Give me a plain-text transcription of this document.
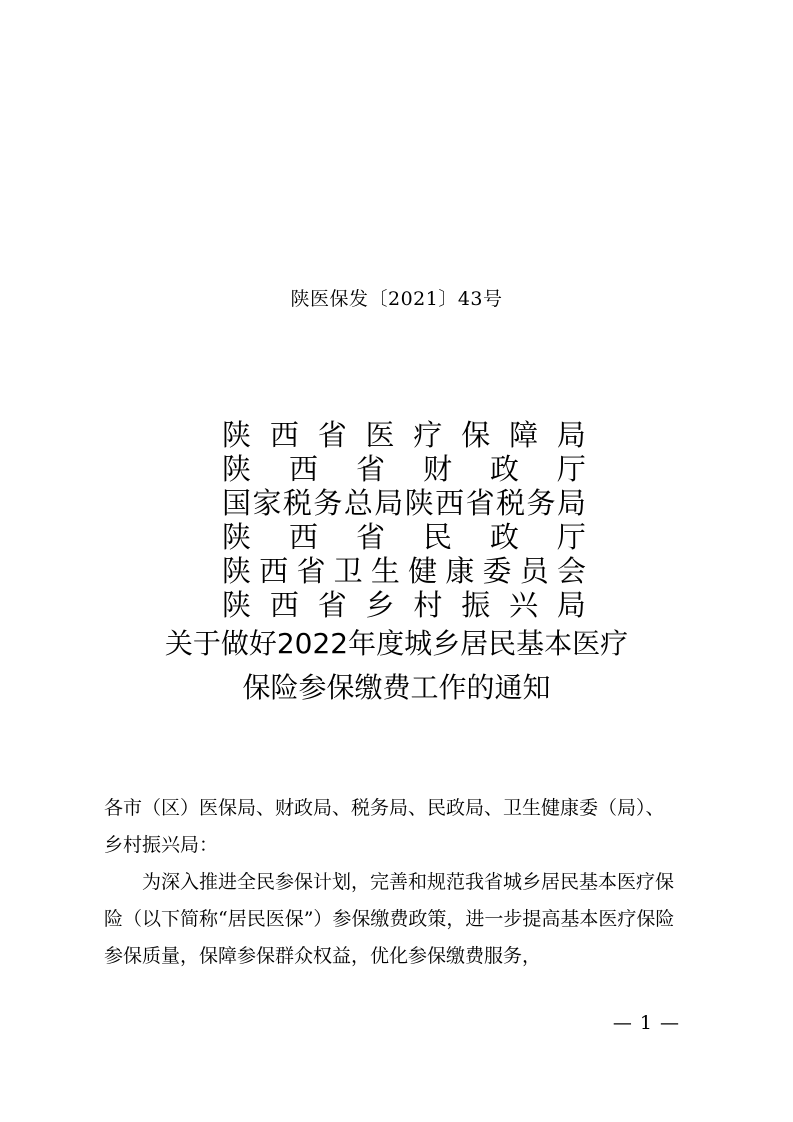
陕医保发〔2021〕43号
陕 西 省 医 疗 保 障 局
陕 西 省 财 政 厅
国 家 税 务 总 局 陕 西 省 税 务 局
陕 西 省 民 政 厅
陕 西 省 卫 生 健 康 委 员 会
陕 西 省 乡 村 振 兴 局
关于做好2022年度城乡居民基本医疗
保险参保缴费工作的通知

各市（区）医保局、财政局、税务局、民政局、卫生健康委（局）、
乡村振兴局：

为深入推进全民参保计划，完善和规范我省城乡居民基本医疗保险（以下简称“居民医保”）参保缴费政策，进一步提高基本医疗保险参保质量，保障参保群众权益，优化参保缴费服务，

— 1 —
